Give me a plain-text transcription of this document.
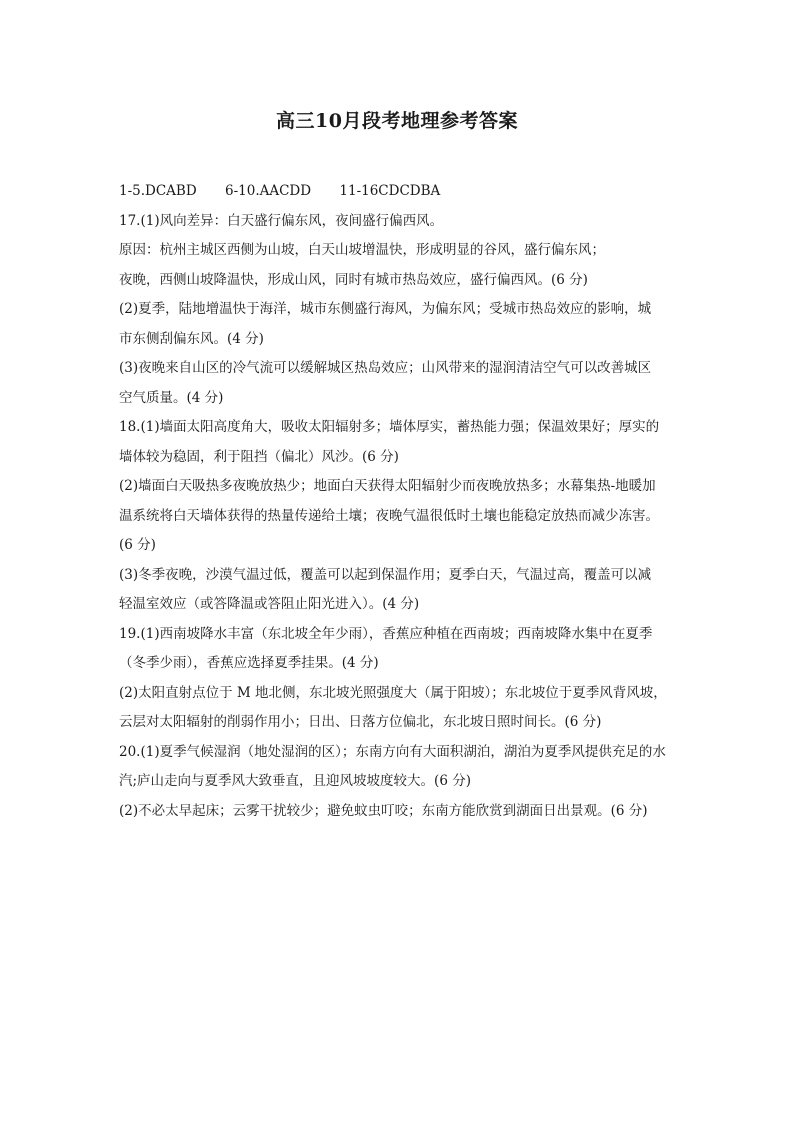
高三10月段考地理参考答案
1-5.DCABD 6-10.AACDD 11-16CDCDBA
17.(1)风向差异：白天盛行偏东风，夜间盛行偏西风。
原因：杭州主城区西侧为山坡，白天山坡增温快，形成明显的谷风，盛行偏东风；
夜晚，西侧山坡降温快，形成山风，同时有城市热岛效应，盛行偏西风。(6 分)
(2)夏季，陆地增温快于海洋，城市东侧盛行海风，为偏东风；受城市热岛效应的影响，城
市东侧刮偏东风。(4 分)
(3)夜晚来自山区的冷气流可以缓解城区热岛效应；山风带来的湿润清洁空气可以改善城区
空气质量。(4 分)
18.(1)墙面太阳高度角大，吸收太阳辐射多；墙体厚实，蓄热能力强；保温效果好；厚实的
墙体较为稳固，利于阻挡（偏北）风沙。(6 分)
(2)墙面白天吸热多夜晚放热少；地面白天获得太阳辐射少而夜晚放热多；水幕集热-地暖加
温系统将白天墙体获得的热量传递给土壤；夜晚气温很低时土壤也能稳定放热而减少冻害。
(6 分)
(3)冬季夜晚，沙漠气温过低，覆盖可以起到保温作用；夏季白天，气温过高，覆盖可以减
轻温室效应（或答降温或答阻止阳光进入）。(4 分)
19.(1)西南坡降水丰富（东北坡全年少雨），香蕉应种植在西南坡；西南坡降水集中在夏季
（冬季少雨），香蕉应选择夏季挂果。(4 分)
(2)太阳直射点位于 M 地北侧，东北坡光照强度大（属于阳坡）；东北坡位于夏季风背风坡，
云层对太阳辐射的削弱作用小；日出、日落方位偏北，东北坡日照时间长。(6 分)
20.(1)夏季气候湿润（地处湿润的区）；东南方向有大面积湖泊，湖泊为夏季风提供充足的水
汽;庐山走向与夏季风大致垂直，且迎风坡坡度较大。(6 分)
(2)不必太早起床；云雾干扰较少；避免蚊虫叮咬；东南方能欣赏到湖面日出景观。(6 分)
